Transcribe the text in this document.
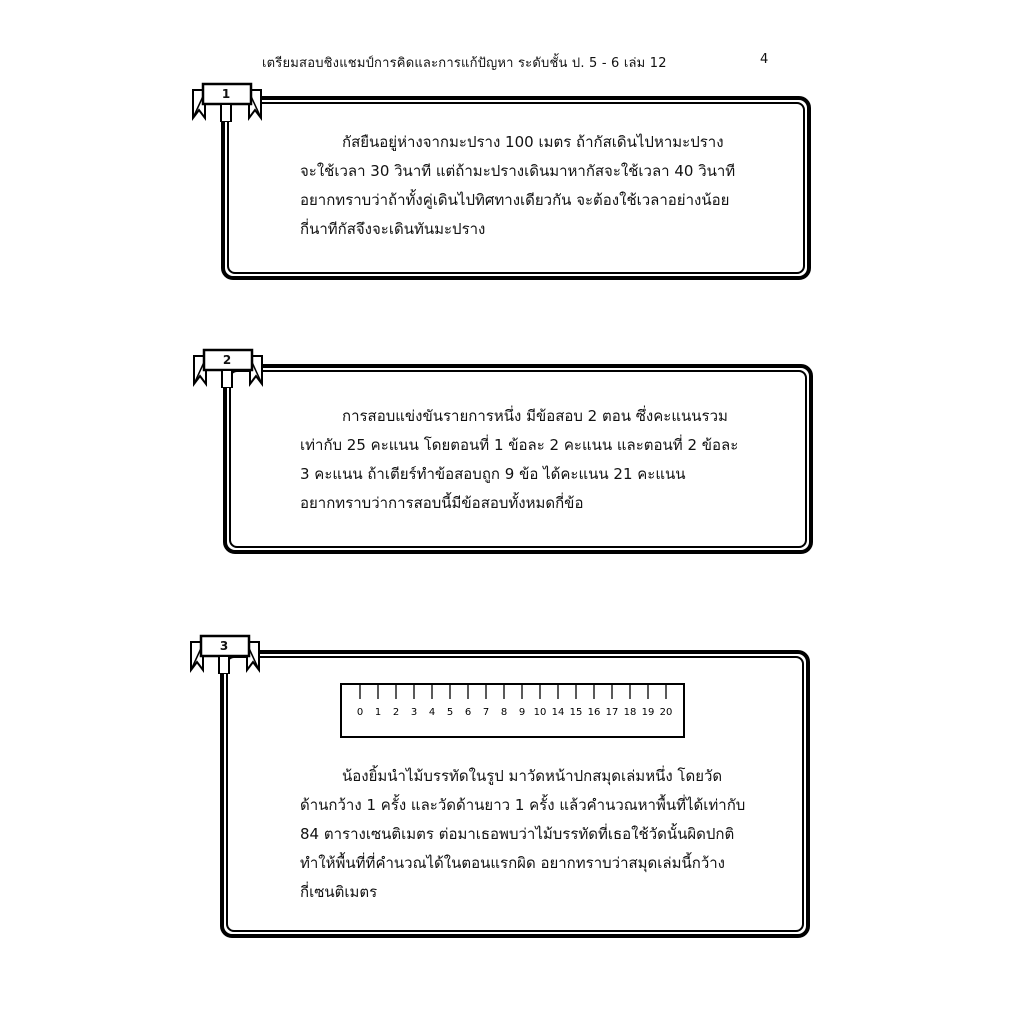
เตรียมสอบชิงแชมป์การคิดและการแก้ปัญหา ระดับชั้น ป. 5 - 6 เล่ม 12	4
1
กัสยืนอยู่ห่างจากมะปราง 100 เมตร ถ้ากัสเดินไปหามะปราง
จะใช้เวลา 30 วินาที แต่ถ้ามะปรางเดินมาหากัสจะใช้เวลา 40 วินาที
อยากทราบว่าถ้าทั้งคู่เดินไปทิศทางเดียวกัน จะต้องใช้เวลาอย่างน้อย
กี่นาทีกัสจึงจะเดินทันมะปราง
2
การสอบแข่งขันรายการหนึ่ง มีข้อสอบ 2 ตอน ซึ่งคะแนนรวม
เท่ากับ 25 คะแนน โดยตอนที่ 1 ข้อละ 2 คะแนน และตอนที่ 2 ข้อละ
3 คะแนน ถ้าเตียร์ทำข้อสอบถูก 9 ข้อ ได้คะแนน 21 คะแนน
อยากทราบว่าการสอบนี้มีข้อสอบทั้งหมดกี่ข้อ
3
0 1 2 3 4 5 6 7 8 9 10 14 15 16 17 18 19 20
น้องยิ้มนำไม้บรรทัดในรูป มาวัดหน้าปกสมุดเล่มหนึ่ง โดยวัด
ด้านกว้าง 1 ครั้ง และวัดด้านยาว 1 ครั้ง แล้วคำนวณหาพื้นที่ได้เท่ากับ
84 ตารางเซนติเมตร ต่อมาเธอพบว่าไม้บรรทัดที่เธอใช้วัดนั้นผิดปกติ
ทำให้พื้นที่ที่คำนวณได้ในตอนแรกผิด อยากทราบว่าสมุดเล่มนี้กว้าง
กี่เซนติเมตร
